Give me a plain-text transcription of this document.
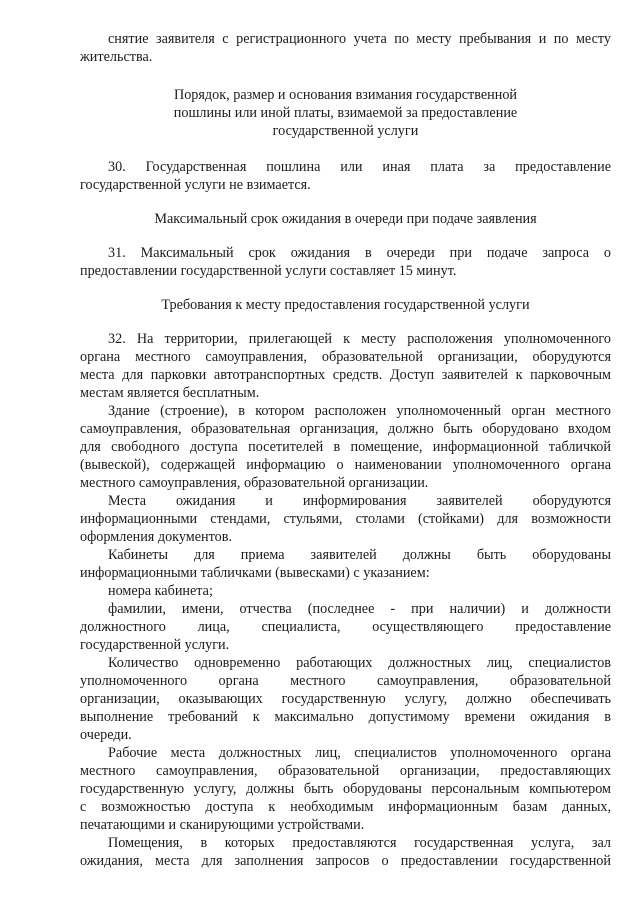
снятие заявителя с регистрационного учета по месту пребывания и по месту
жительства.
Порядок, размер и основания взимания государственной
пошлины или иной платы, взимаемой за предоставление
государственной услуги
30. Государственная пошлина или иная плата за предоставление
государственной услуги не взимается.
Максимальный срок ожидания в очереди при подаче заявления
31. Максимальный срок ожидания в очереди при подаче запроса о
предоставлении государственной услуги составляет 15 минут.
Требования к месту предоставления государственной услуги
32. На территории, прилегающей к месту расположения уполномоченного
органа местного самоуправления, образовательной организации, оборудуются
места для парковки автотранспортных средств. Доступ заявителей к парковочным
местам является бесплатным.
Здание (строение), в котором расположен уполномоченный орган местного
самоуправления, образовательная организация, должно быть оборудовано входом
для свободного доступа посетителей в помещение, информационной табличкой
(вывеской), содержащей информацию о наименовании уполномоченного органа
местного самоуправления, образовательной организации.
Места ожидания и информирования заявителей оборудуются
информационными стендами, стульями, столами (стойками) для возможности
оформления документов.
Кабинеты для приема заявителей должны быть оборудованы
информационными табличками (вывесками) с указанием:
номера кабинета;
фамилии, имени, отчества (последнее - при наличии) и должности
должностного лица, специалиста, осуществляющего предоставление
государственной услуги.
Количество одновременно работающих должностных лиц, специалистов
уполномоченного органа местного самоуправления, образовательной
организации, оказывающих государственную услугу, должно обеспечивать
выполнение требований к максимально допустимому времени ожидания в
очереди.
Рабочие места должностных лиц, специалистов уполномоченного органа
местного самоуправления, образовательной организации, предоставляющих
государственную услугу, должны быть оборудованы персональным компьютером
с возможностью доступа к необходимым информационным базам данных,
печатающими и сканирующими устройствами.
Помещения, в которых предоставляются государственная услуга, зал
ожидания, места для заполнения запросов о предоставлении государственной
